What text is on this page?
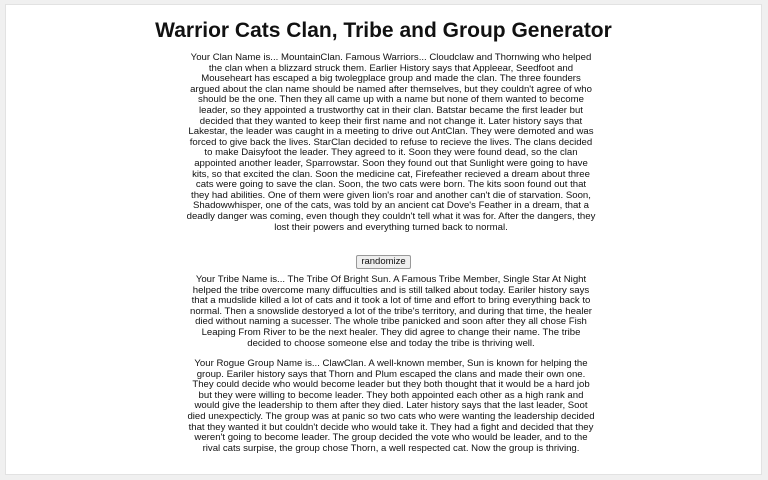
Warrior Cats Clan, Tribe and Group Generator

Your Clan Name is... MountainClan. Famous Warriors... Cloudclaw and Thornwing who helped the clan when a blizzard struck them. Earlier History says that Appleear, Seedfoot and Mouseheart has escaped a big twolegplace group and made the clan. The three founders argued about the clan name should be named after themselves, but they couldn't agree of who should be the one. Then they all came up with a name but none of them wanted to become leader, so they appointed a trustworthy cat in their clan. Batstar became the first leader but decided that they wanted to keep their first name and not change it. Later history says that Lakestar, the leader was caught in a meeting to drive out AntClan. They were demoted and was forced to give back the lives. StarClan decided to refuse to recieve the lives. The clans decided to make Daisyfoot the leader. They agreed to it. Soon they were found dead, so the clan appointed another leader, Sparrowstar. Soon they found out that Sunlight were going to have kits, so that excited the clan. Soon the medicine cat, Firefeather recieved a dream about three cats were going to save the clan. Soon, the two cats were born. The kits soon found out that they had abilities. One of them were given lion's roar and another can't die of starvation. Soon, Shadowwhisper, one of the cats, was told by an ancient cat Dove's Feather in a dream, that a deadly danger was coming, even though they couldn't tell what it was for. After the dangers, they lost their powers and everything turned back to normal.

randomize

Your Tribe Name is... The Tribe Of Bright Sun. A Famous Tribe Member, Single Star At Night helped the tribe overcome many diffuculties and is still talked about today. Eariler history says that a mudslide killed a lot of cats and it took a lot of time and effort to bring everything back to normal. Then a snowslide destoryed a lot of the tribe's territory, and during that time, the healer died without naming a sucesser. The whole tribe panicked and soon after they all chose Fish Leaping From River to be the next healer. They did agree to change their name. The tribe decided to choose someone else and today the tribe is thriving well.

Your Rogue Group Name is... ClawClan. A well-known member, Sun is known for helping the group. Eariler history says that Thorn and Plum escaped the clans and made their own one. They could decide who would become leader but they both thought that it would be a hard job but they were willing to become leader. They both appointed each other as a high rank and would give the leadership to them after they died. Later history says that the last leader, Soot died unexpecticly. The group was at panic so two cats who were wanting the leadership decided that they wanted it but couldn't decide who would take it. They had a fight and decided that they weren't going to become leader. The group decided the vote who would be leader, and to the rival cats surpise, the group chose Thorn, a well respected cat. Now the group is thriving.
